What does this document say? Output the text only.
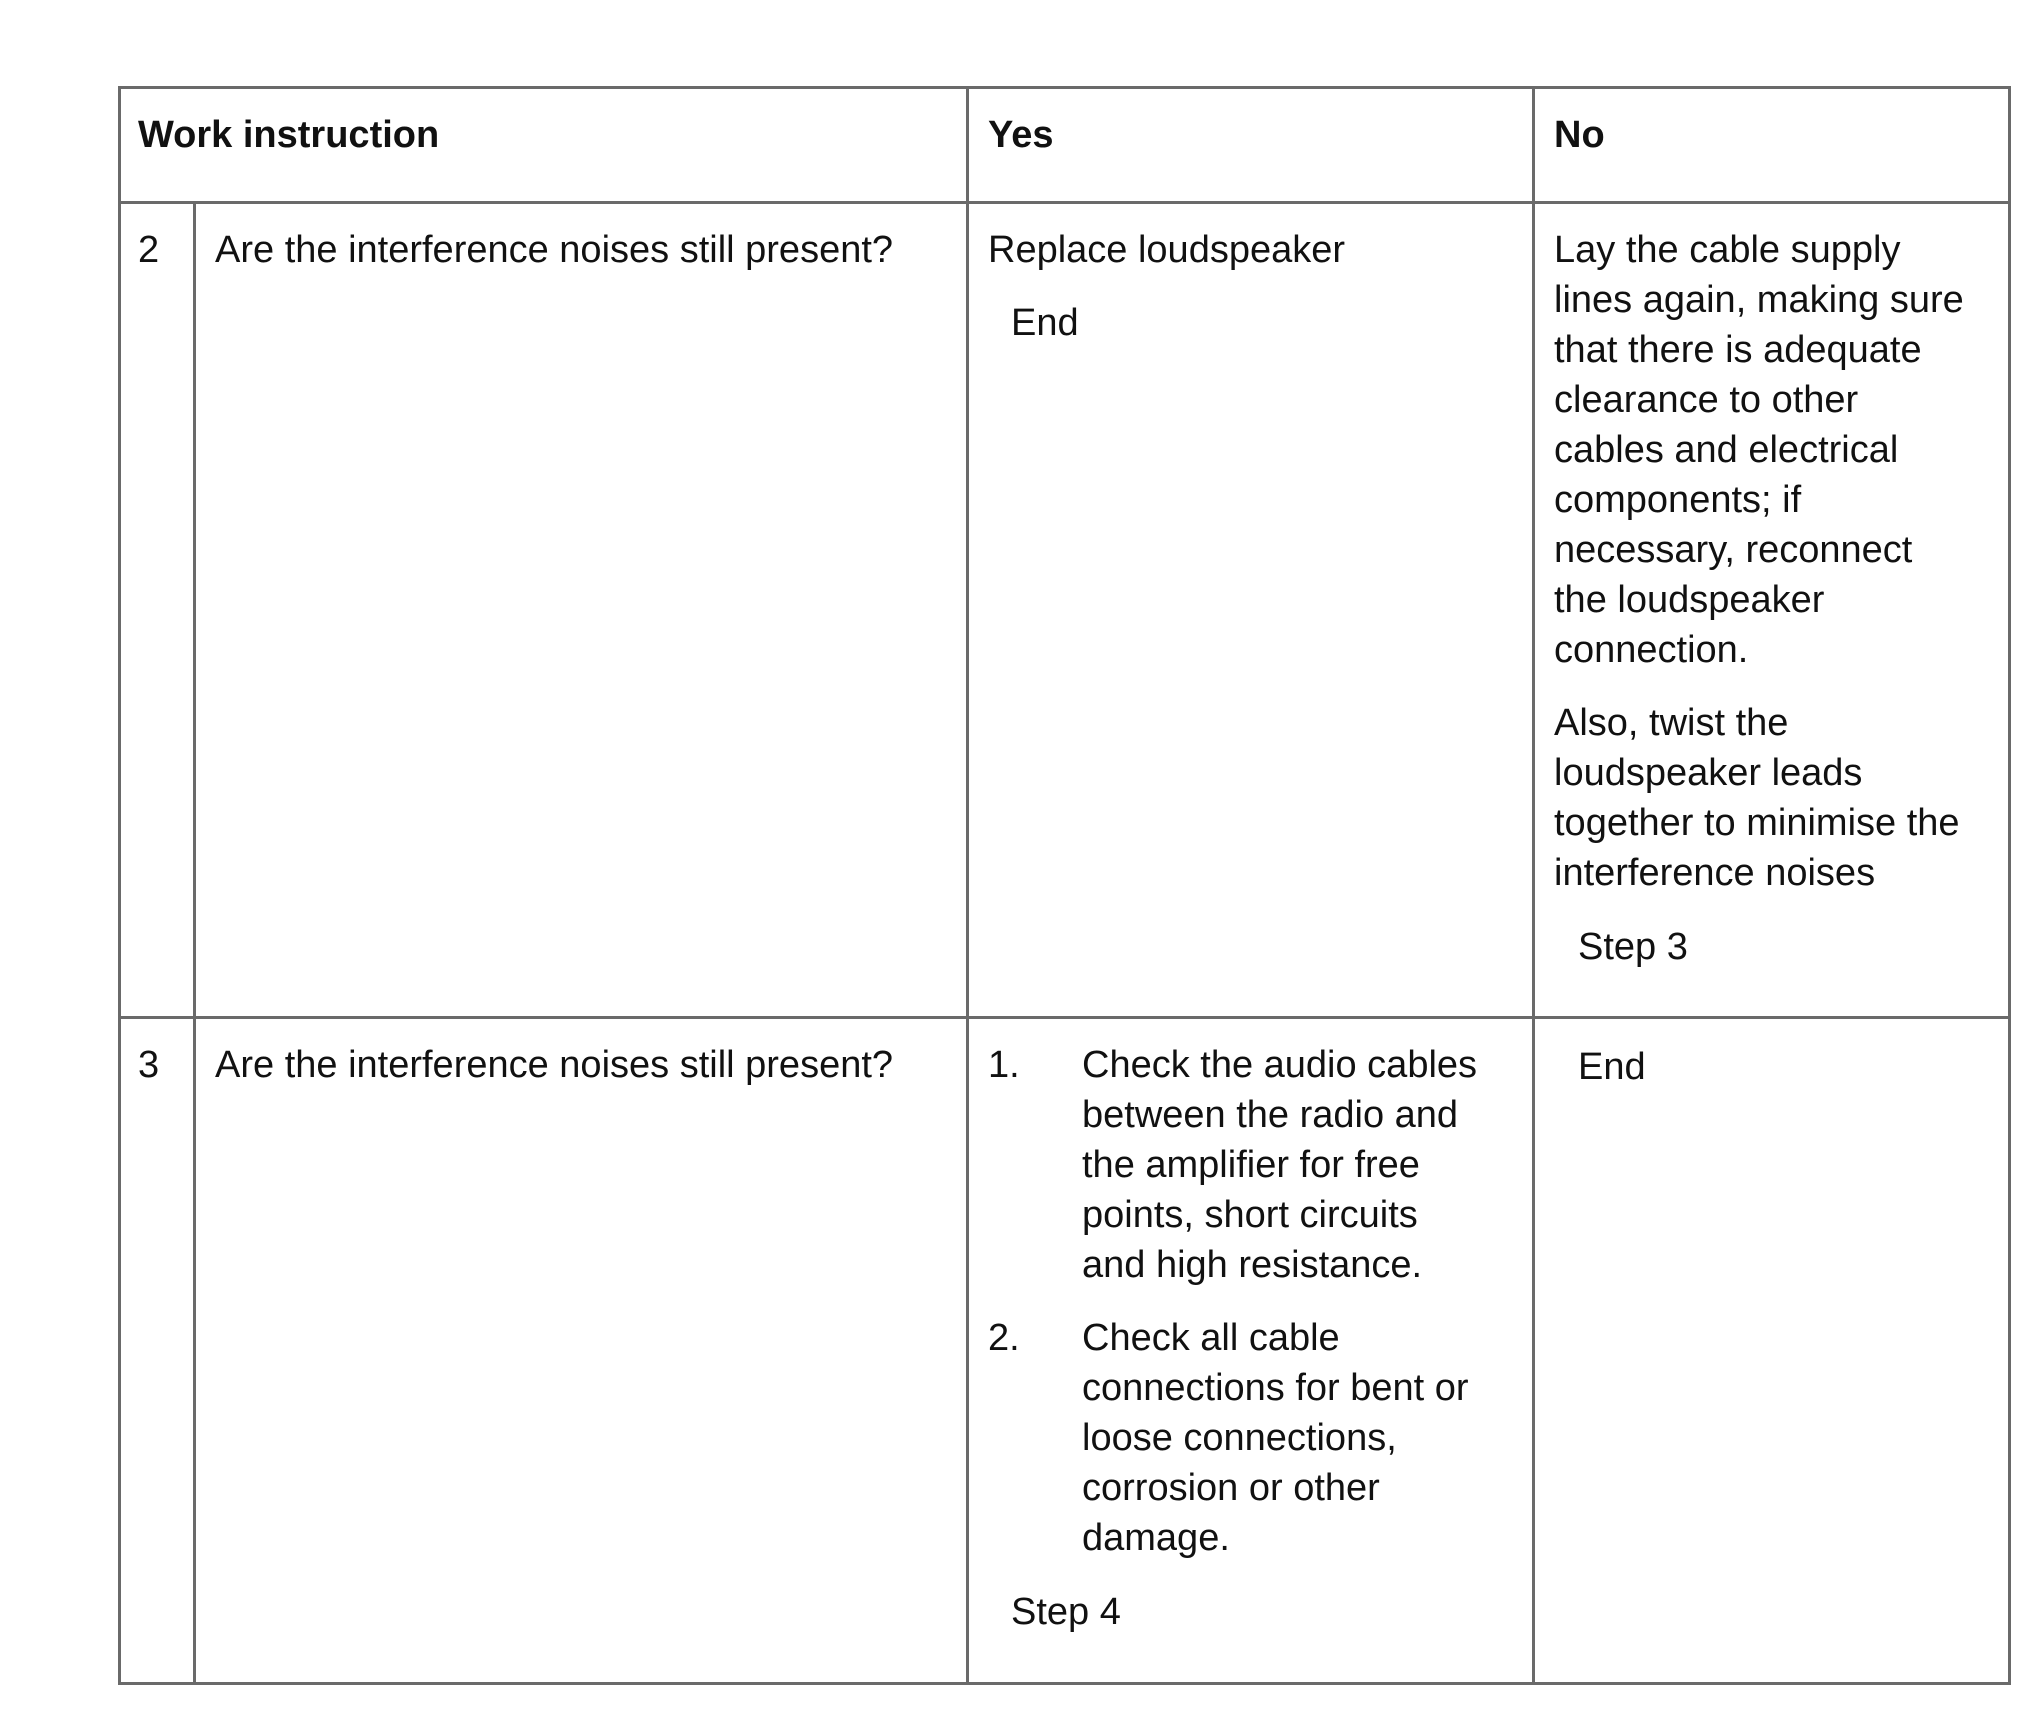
Work instruction	Yes	No
2 Are the interference noises still present? Replace loudspeaker
End
Lay the cable supply
lines again, making sure
that there is adequate
clearance to other
cables and electrical
components; if
necessary, reconnect
the loudspeaker
connection.
Also, twist the
loudspeaker leads
together to minimise the
interference noises
Step 3
3 Are the interference noises still present? 1. Check the audio cables
between the radio and
the amplifier for free
points, short circuits
and high resistance.
2. Check all cable
connections for bent or
loose connections,
corrosion or other
damage.
Step 4
End
